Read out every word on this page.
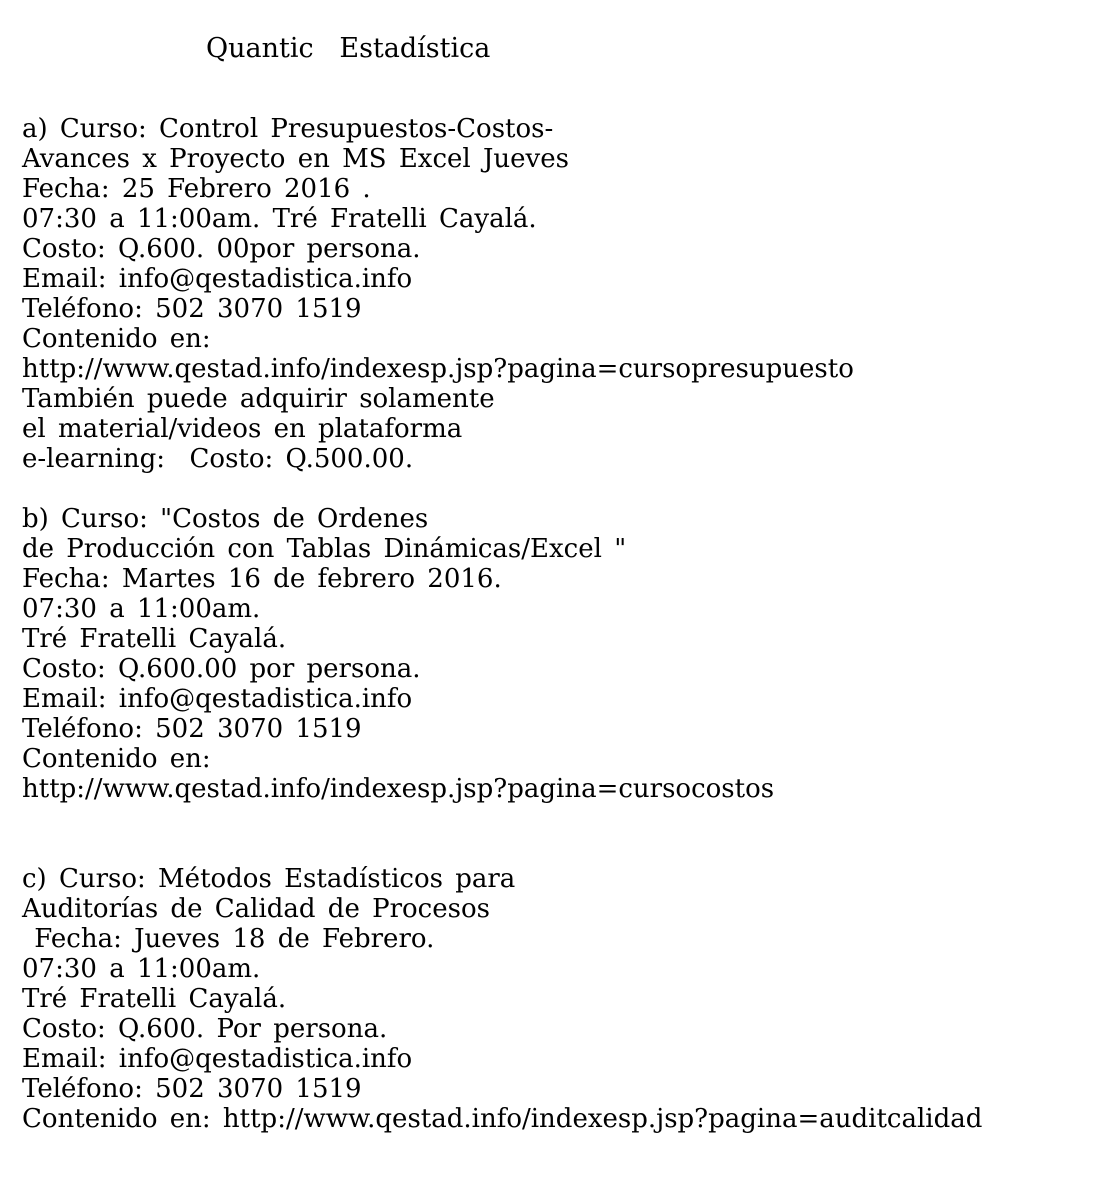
Quantic   Estadística
a) Curso: Control Presupuestos-Costos-
Avances x Proyecto en MS Excel Jueves
Fecha: 25 Febrero 2016 .
07:30 a 11:00am. Tré Fratelli Cayalá.
Costo: Q.600. 00por persona.
Email: info@qestadistica.info
Teléfono: 502 3070 1519
Contenido en:
http://www.qestad.info/indexesp.jsp?pagina=cursopresupuesto
También puede adquirir solamente
el material/videos en plataforma
e-learning:  Costo: Q.500.00.
b) Curso: "Costos de Ordenes
de Producción con Tablas Dinámicas/Excel "
Fecha: Martes 16 de febrero 2016.
07:30 a 11:00am.
Tré Fratelli Cayalá.
Costo: Q.600.00 por persona.
Email: info@qestadistica.info
Teléfono: 502 3070 1519
Contenido en:
http://www.qestad.info/indexesp.jsp?pagina=cursocostos
c) Curso: Métodos Estadísticos para
Auditorías de Calidad de Procesos
Fecha: Jueves 18 de Febrero.
07:30 a 11:00am.
Tré Fratelli Cayalá.
Costo: Q.600. Por persona.
Email: info@qestadistica.info
Teléfono: 502 3070 1519
Contenido en: http://www.qestad.info/indexesp.jsp?pagina=auditcalidad
